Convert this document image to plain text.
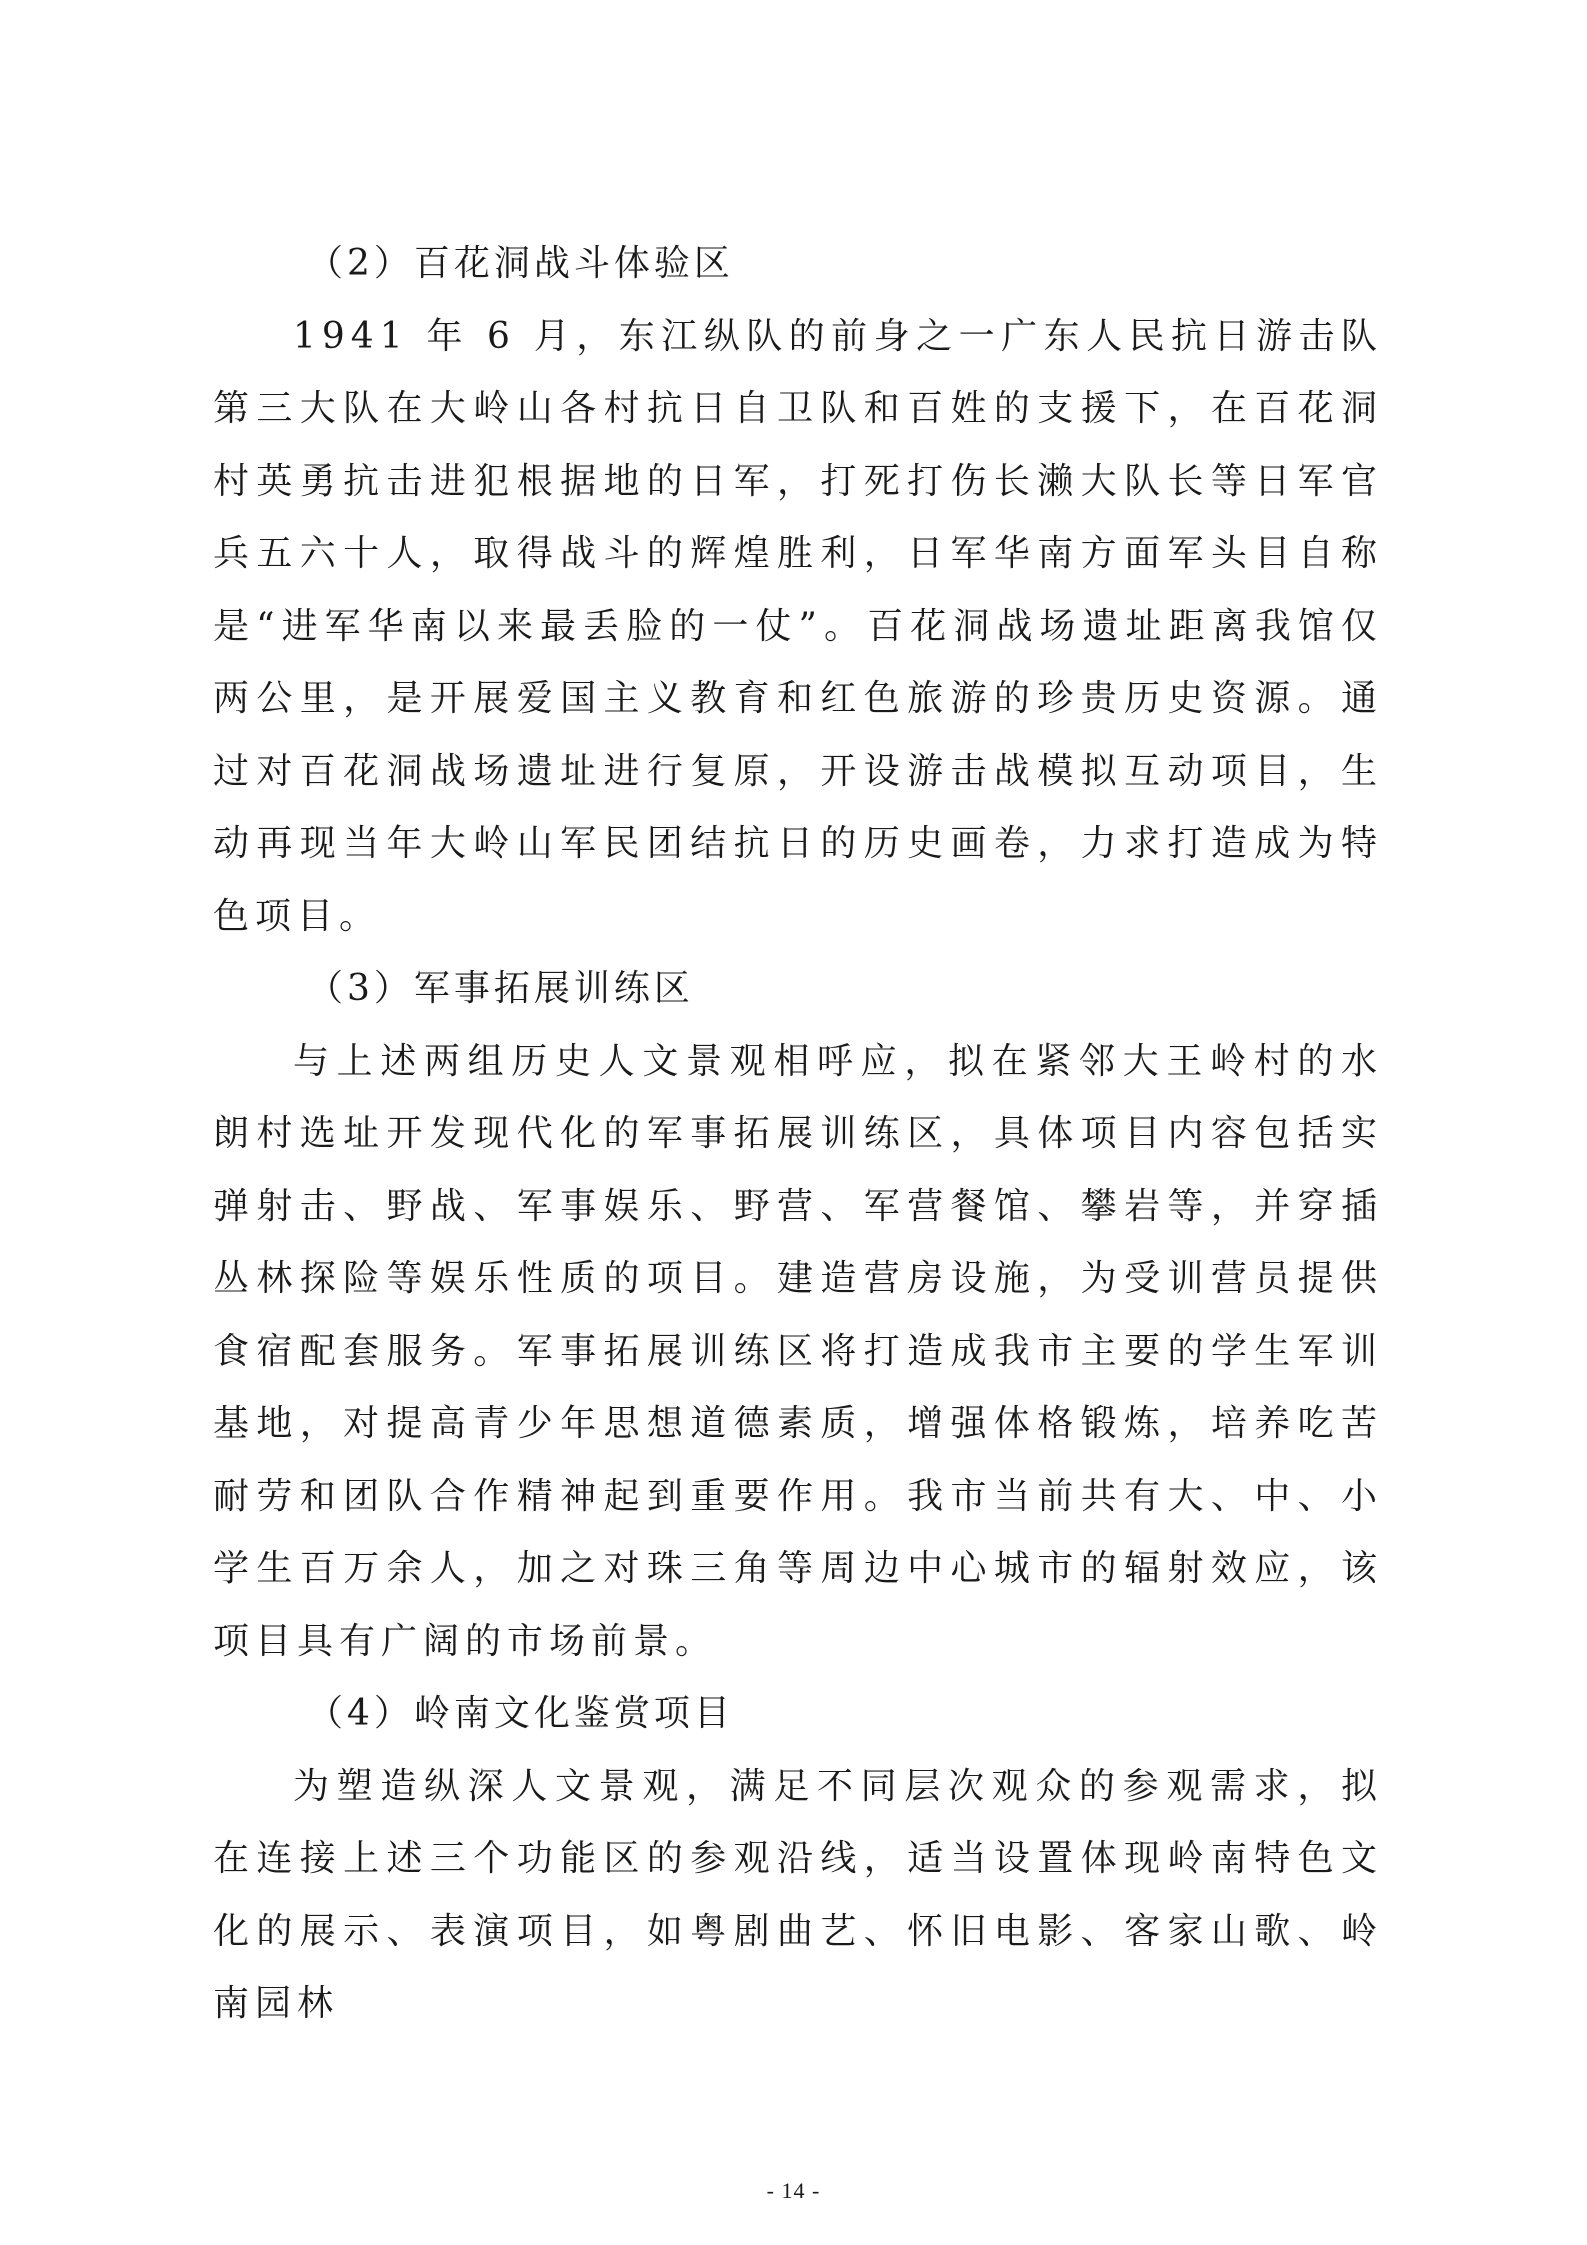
（2）百花洞战斗体验区

1941 年 6 月，东江纵队的前身之一广东人民抗日游击队第三大队在大岭山各村抗日自卫队和百姓的支援下，在百花洞村英勇抗击进犯根据地的日军，打死打伤长濑大队长等日军官兵五六十人，取得战斗的辉煌胜利，日军华南方面军头目自称是“进军华南以来最丢脸的一仗”。百花洞战场遗址距离我馆仅两公里，是开展爱国主义教育和红色旅游的珍贵历史资源。通过对百花洞战场遗址进行复原，开设游击战模拟互动项目，生动再现当年大岭山军民团结抗日的历史画卷，力求打造成为特色项目。

（3）军事拓展训练区

与上述两组历史人文景观相呼应，拟在紧邻大王岭村的水朗村选址开发现代化的军事拓展训练区，具体项目内容包括实弹射击、野战、军事娱乐、野营、军营餐馆、攀岩等，并穿插丛林探险等娱乐性质的项目。建造营房设施，为受训营员提供食宿配套服务。军事拓展训练区将打造成我市主要的学生军训基地，对提高青少年思想道德素质，增强体格锻炼，培养吃苦耐劳和团队合作精神起到重要作用。我市当前共有大、中、小学生百万余人，加之对珠三角等周边中心城市的辐射效应，该项目具有广阔的市场前景。

（4）岭南文化鉴赏项目

为塑造纵深人文景观，满足不同层次观众的参观需求，拟在连接上述三个功能区的参观沿线，适当设置体现岭南特色文化的展示、表演项目，如粤剧曲艺、怀旧电影、客家山歌、岭南园林

- 14 -
